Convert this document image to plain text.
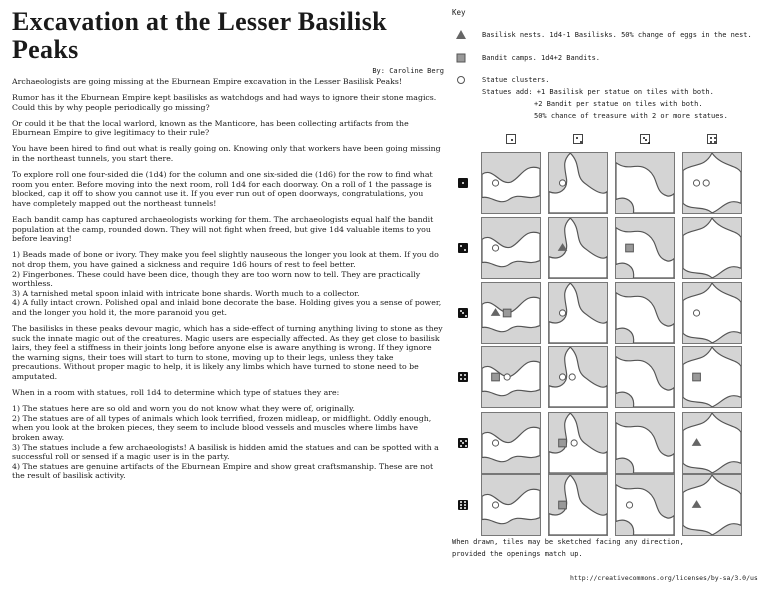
Excavation at the Lesser Basilisk Peaks
By: Caroline Berg

Archaeologists are going missing at the Eburnean Empire excavation in the Lesser Basilisk Peaks!

Rumor has it the Eburnean Empire kept basilisks as watchdogs and had ways to ignore their stone magics. Could this by why people periodically go missing?

Or could it be that the local warlord, known as the Manticore, has been collecting artifacts from the Eburnean Empire to give legitimacy to their rule?

You have been hired to find out what is really going on. Knowing only that workers have been going missing in the northeast tunnels, you start there.

To explore roll one four-sided die (1d4) for the column and one six-sided die (1d6) for the row to find what room you enter. Before moving into the next room, roll 1d4 for each doorway. On a roll of 1 the passage is blocked, cap it off to show you cannot use it. If you ever run out of open doorways, congratulations, you have completely mapped out the northeast tunnels!

Each bandit camp has captured archaeologists working for them. The archaeologists equal half the bandit population at the camp, rounded down. They will not fight when freed, but give 1d4 valuable items to you before leaving!

1) Beads made of bone or ivory. They make you feel slightly nauseous the longer you look at them. If you do not drop them, you have gained a sickness and require 1d6 hours of rest to feel better.
2) Fingerbones. These could have been dice, though they are too worn now to tell. They are practically worthless.
3) A tarnished metal spoon inlaid with intricate bone shards. Worth much to a collector.
4) A fully intact crown. Polished opal and inlaid bone decorate the base. Holding gives you a sense of power, and the longer you hold it, the more paranoid you get.

The basilisks in these peaks devour magic, which has a side-effect of turning anything living to stone as they suck the innate magic out of the creatures. Magic users are especially affected. As they get close to basilisk lairs, they feel a stiffness in their joints long before anyone else is aware anything is wrong. If they ignore the warning signs, their toes will start to turn to stone, moving up to their legs, unless they take precautions. Without proper magic to help, it is likely any limbs which have turned to stone need to be amputated.

When in a room with statues, roll 1d4 to determine which type of statues they are:

1) The statues here are so old and worn you do not know what they were of, originally.
2) The statues are of all types of animals which look terrified, frozen midleap, or midflight. Oddly enough, when you look at the broken pieces, they seem to include blood vessels and muscles where limbs have broken away.
3) The statues include a few archaeologists! A basilisk is hidden amid the statues and can be spotted with a successful roll or sensed if a magic user is in the party.
4) The statues are genuine artifacts of the Eburnean Empire and show great craftsmanship. These are not the result of basilisk activity.

Key
Basilisk nests. 1d4-1 Basilisks. 50% change of eggs in the nest.
Bandit camps. 1d4+2 Bandits.
Statue clusters.
Statues add: +1 Basilisk per statue on tiles with both.
+2 Bandit per statue on tiles with both.
50% chance of treasure with 2 or more statues.
When drawn, tiles may be sketched facing any direction,
provided the openings match up.
http://creativecommons.org/licenses/by-sa/3.0/us
